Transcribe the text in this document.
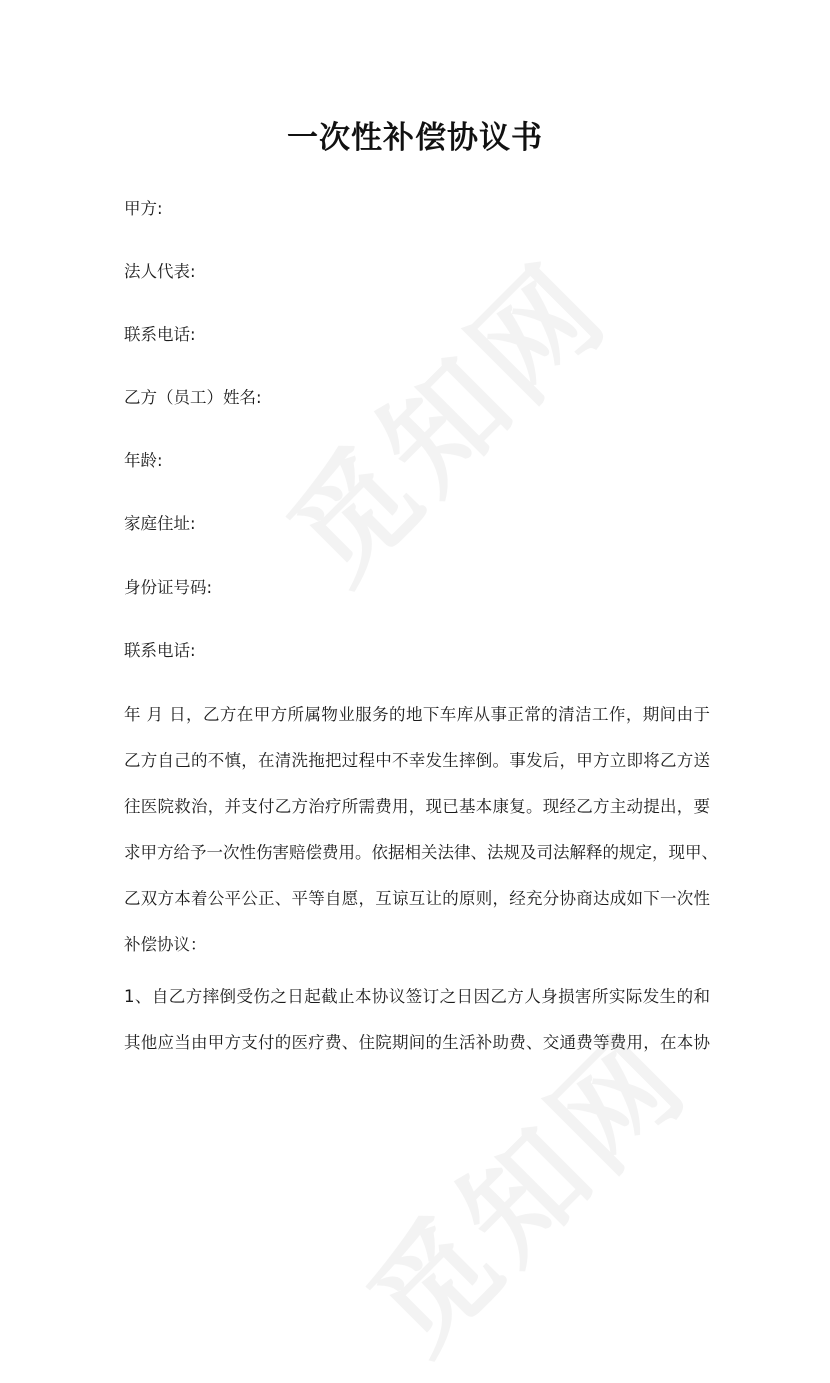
一次性补偿协议书

甲方:

法人代表:

联系电话:

乙方（员工）姓名:

年龄:

家庭住址:

身份证号码:

联系电话:

年 月 日，乙方在甲方所属物业服务的地下车库从事正常的清洁工作，期间由于
乙方自己的不慎，在清洗拖把过程中不幸发生摔倒。事发后，甲方立即将乙方送
往医院救治，并支付乙方治疗所需费用，现已基本康复。现经乙方主动提出，要
求甲方给予一次性伤害赔偿费用。依据相关法律、法规及司法解释的规定，现甲、
乙双方本着公平公正、平等自愿，互谅互让的原则，经充分协商达成如下一次性
补偿协议：
1、自乙方摔倒受伤之日起截止本协议签订之日因乙方人身损害所实际发生的和
其他应当由甲方支付的医疗费、住院期间的生活补助费、交通费等费用，在本协
